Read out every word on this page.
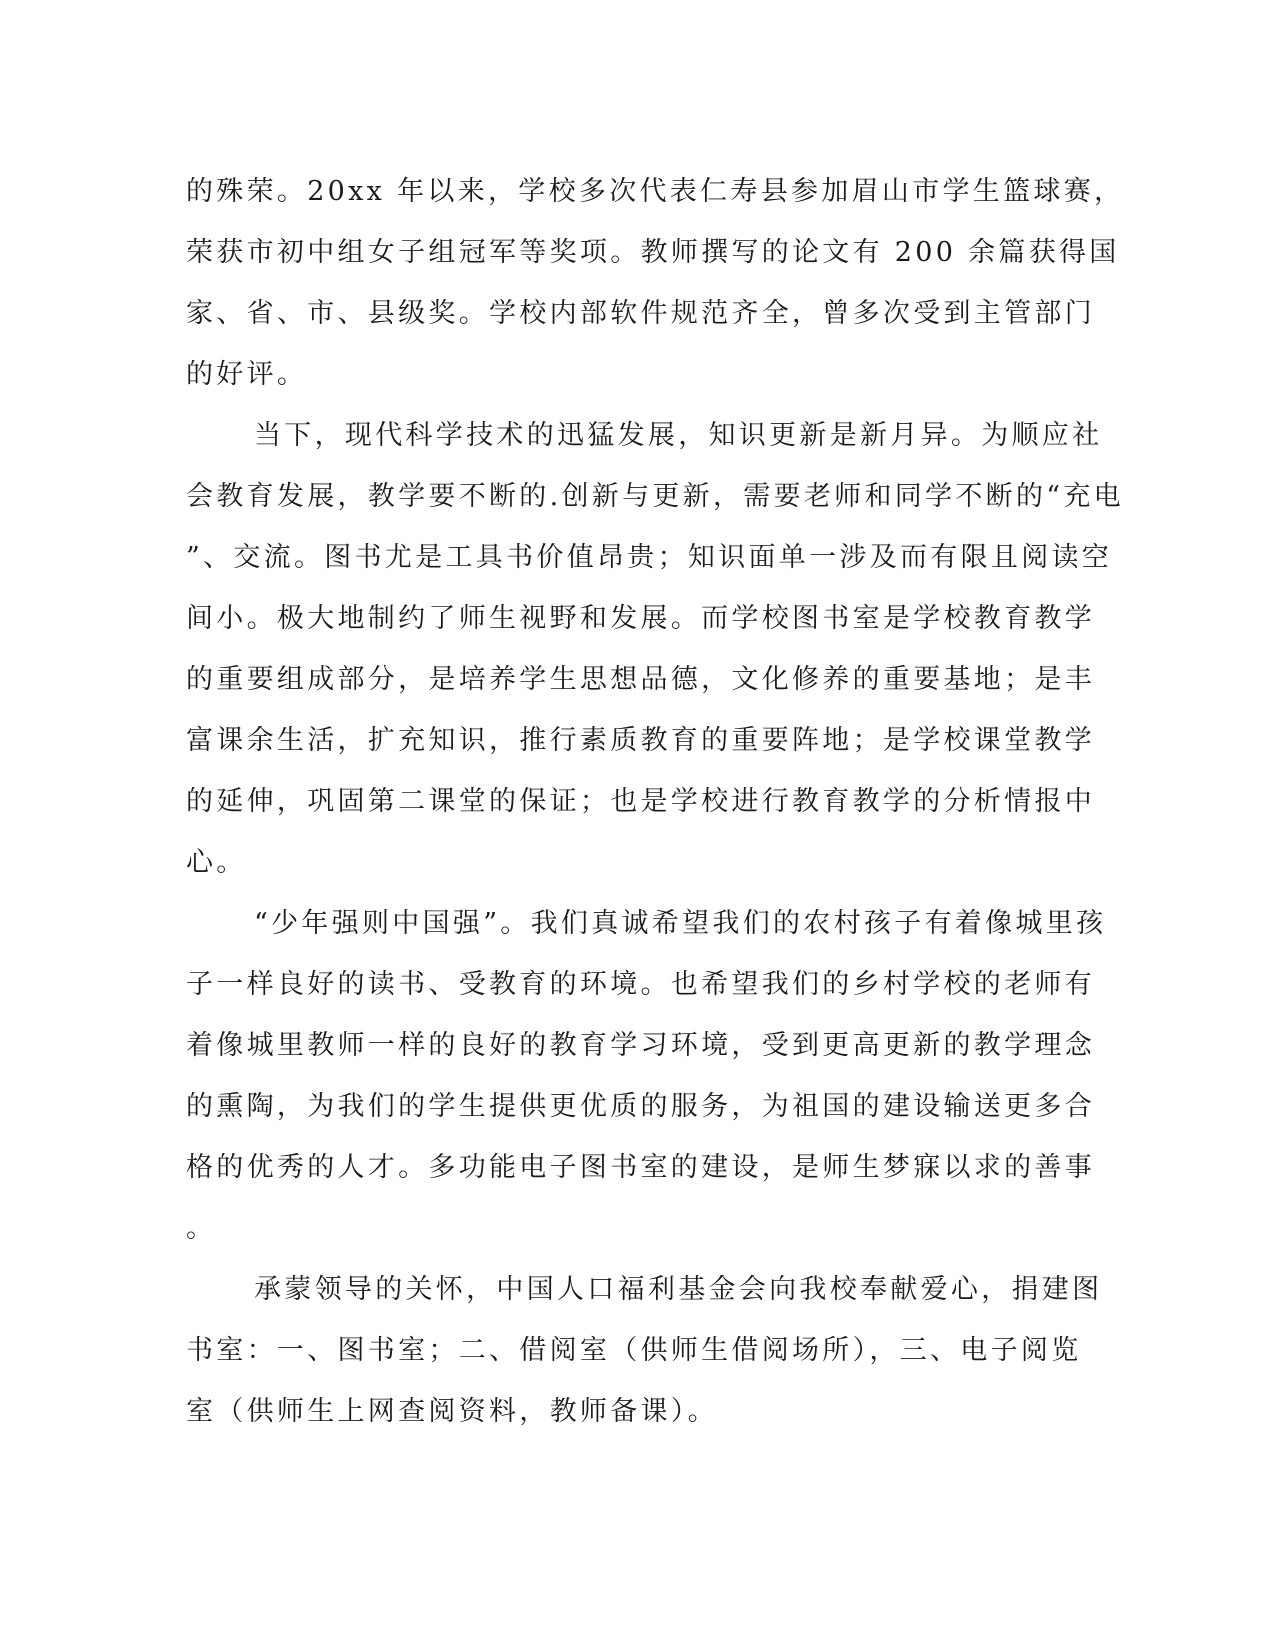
的殊荣。20xx 年以来，学校多次代表仁寿县参加眉山市学生篮球赛，
荣获市初中组女子组冠军等奖项。教师撰写的论文有 200 余篇获得国
家、省、市、县级奖。学校内部软件规范齐全，曾多次受到主管部门
的好评。
当下，现代科学技术的迅猛发展，知识更新是新月异。为顺应社
会教育发展，教学要不断的.创新与更新，需要老师和同学不断的“充电
”、交流。图书尤是工具书价值昂贵；知识面单一涉及而有限且阅读空
间小。极大地制约了师生视野和发展。而学校图书室是学校教育教学
的重要组成部分，是培养学生思想品德，文化修养的重要基地；是丰
富课余生活，扩充知识，推行素质教育的重要阵地；是学校课堂教学
的延伸，巩固第二课堂的保证；也是学校进行教育教学的分析情报中
心。
“少年强则中国强”。我们真诚希望我们的农村孩子有着像城里孩
子一样良好的读书、受教育的环境。也希望我们的乡村学校的老师有
着像城里教师一样的良好的教育学习环境，受到更高更新的教学理念
的熏陶，为我们的学生提供更优质的服务，为祖国的建设输送更多合
格的优秀的人才。多功能电子图书室的建设，是师生梦寐以求的善事
。
承蒙领导的关怀，中国人口福利基金会向我校奉献爱心，捐建图
书室：一、图书室；二、借阅室（供师生借阅场所），三、电子阅览
室（供师生上网查阅资料，教师备课）。
